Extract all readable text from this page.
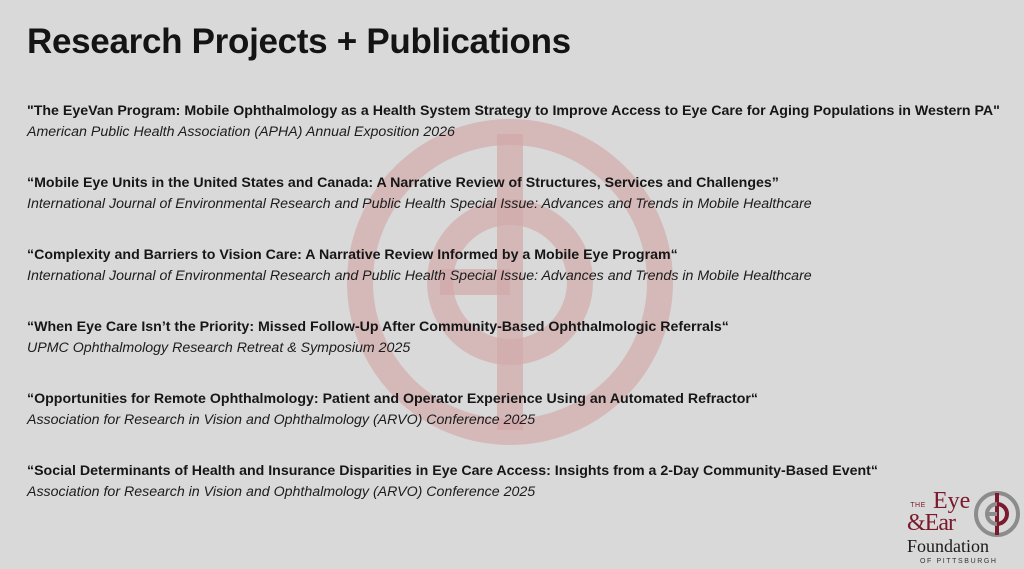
Research Projects + Publications
"The EyeVan Program: Mobile Ophthalmology as a Health System Strategy to Improve Access to Eye Care for Aging Populations in Western PA"
American Public Health Association (APHA) Annual Exposition 2026
“Mobile Eye Units in the United States and Canada: A Narrative Review of Structures, Services and Challenges”
International Journal of Environmental Research and Public Health Special Issue: Advances and Trends in Mobile Healthcare
“Complexity and Barriers to Vision Care: A Narrative Review Informed by a Mobile Eye Program“
International Journal of Environmental Research and Public Health Special Issue: Advances and Trends in Mobile Healthcare
“When Eye Care Isn’t the Priority: Missed Follow-Up After Community-Based Ophthalmologic Referrals“
UPMC Ophthalmology Research Retreat & Symposium 2025
“Opportunities for Remote Ophthalmology: Patient and Operator Experience Using an Automated Refractor“
Association for Research in Vision and Ophthalmology (ARVO) Conference 2025
“Social Determinants of Health and Insurance Disparities in Eye Care Access: Insights from a 2-Day Community-Based Event“
Association for Research in Vision and Ophthalmology (ARVO) Conference 2025
THE Eye
&Ear
Foundation
OF PITTSBURGH
